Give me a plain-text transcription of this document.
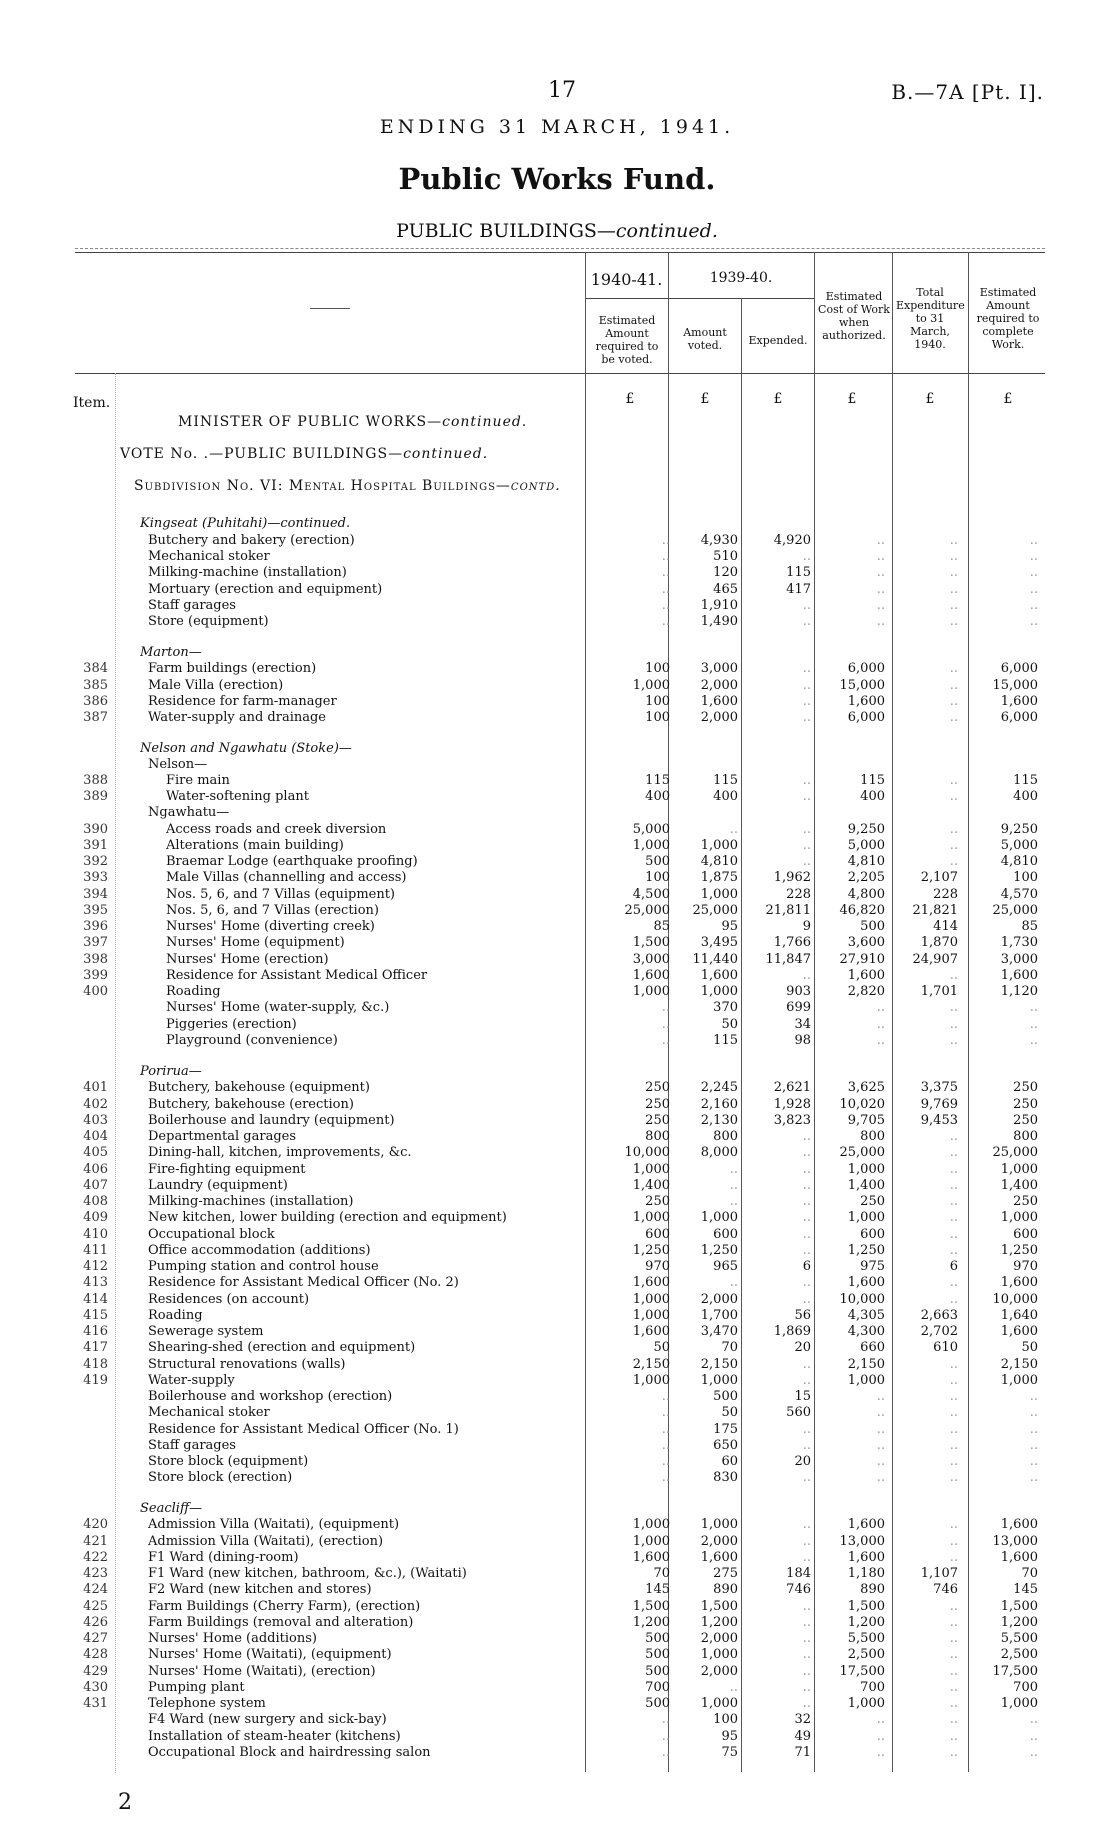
17	B.—7A [Pt. I].
ENDING 31 MARCH, 1941.
Public Works Fund.
PUBLIC BUILDINGS—continued.
1940-41.	1939-40.
Estimated Amount required to be voted.
Amount voted.	Expended.
Estimated Cost of Work when authorized.
Total Expenditure to 31 March, 1940.
Estimated Amount required to complete Work.
Item.	£	£	£	£	£	£
MINISTER OF PUBLIC WORKS—continued.
VOTE No. .—PUBLIC BUILDINGS—continued.
Subdivision No. VI: Mental Hospital Buildings—contd.
Kingseat (Puhitahi)—continued.
Butchery and bakery (erection)	..	4,930	4,920	..	..	..
Mechanical stoker	..	510	..	..	..	..
Milking-machine (installation)	..	120	115	..	..	..
Mortuary (erection and equipment)	..	465	417	..	..	..
Staff garages	..	1,910	..	..	..	..
Store (equipment)	..	1,490	..	..	..	..
Marton—
384	Farm buildings (erection)	100	3,000	..	6,000	..	6,000
385	Male Villa (erection)	1,000	2,000	..	15,000	..	15,000
386	Residence for farm-manager	100	1,600	..	1,600	..	1,600
387	Water-supply and drainage	100	2,000	..	6,000	..	6,000
Nelson and Ngawhatu (Stoke)—
Nelson—
388	Fire main	115	115	..	115	..	115
389	Water-softening plant	400	400	..	400	..	400
Ngawhatu—
390	Access roads and creek diversion	5,000	..	..	9,250	..	9,250
391	Alterations (main building)	1,000	1,000	..	5,000	..	5,000
392	Braemar Lodge (earthquake proofing)	500	4,810	..	4,810	..	4,810
393	Male Villas (channelling and access)	100	1,875	1,962	2,205	2,107	100
394	Nos. 5, 6, and 7 Villas (equipment)	4,500	1,000	228	4,800	228	4,570
395	Nos. 5, 6, and 7 Villas (erection)	25,000	25,000	21,811	46,820	21,821	25,000
396	Nurses' Home (diverting creek)	85	95	9	500	414	85
397	Nurses' Home (equipment)	1,500	3,495	1,766	3,600	1,870	1,730
398	Nurses' Home (erection)	3,000	11,440	11,847	27,910	24,907	3,000
399	Residence for Assistant Medical Officer	1,600	1,600	..	1,600	..	1,600
400	Roading	1,000	1,000	903	2,820	1,701	1,120
Nurses' Home (water-supply, &c.)	..	370	699	..	..	..
Piggeries (erection)	..	50	34	..	..	..
Playground (convenience)	..	115	98	..	..	..
Porirua—
401	Butchery, bakehouse (equipment)	250	2,245	2,621	3,625	3,375	250
402	Butchery, bakehouse (erection)	250	2,160	1,928	10,020	9,769	250
403	Boilerhouse and laundry (equipment)	250	2,130	3,823	9,705	9,453	250
404	Departmental garages	800	800	..	800	..	800
405	Dining-hall, kitchen, improvements, &c.	10,000	8,000	..	25,000	..	25,000
406	Fire-fighting equipment	1,000	..	..	1,000	..	1,000
407	Laundry (equipment)	1,400	..	..	1,400	..	1,400
408	Milking-machines (installation)	250	..	..	250	..	250
409	New kitchen, lower building (erection and equipment)	1,000	1,000	..	1,000	..	1,000
410	Occupational block	600	600	..	600	..	600
411	Office accommodation (additions)	1,250	1,250	..	1,250	..	1,250
412	Pumping station and control house	970	965	6	975	6	970
413	Residence for Assistant Medical Officer (No. 2)	1,600	..	..	1,600	..	1,600
414	Residences (on account)	1,000	2,000	..	10,000	..	10,000
415	Roading	1,000	1,700	56	4,305	2,663	1,640
416	Sewerage system	1,600	3,470	1,869	4,300	2,702	1,600
417	Shearing-shed (erection and equipment)	50	70	20	660	610	50
418	Structural renovations (walls)	2,150	2,150	..	2,150	..	2,150
419	Water-supply	1,000	1,000	..	1,000	..	1,000
Boilerhouse and workshop (erection)	..	500	15	..	..	..
Mechanical stoker	..	50	560	..	..	..
Residence for Assistant Medical Officer (No. 1)	..	175	..	..	..	..
Staff garages	..	650	..	..	..	..
Store block (equipment)	..	60	20	..	..	..
Store block (erection)	..	830	..	..	..	..
Seacliff—
420	Admission Villa (Waitati), (equipment)	1,000	1,000	..	1,600	..	1,600
421	Admission Villa (Waitati), (erection)	1,000	2,000	..	13,000	..	13,000
422	F1 Ward (dining-room)	1,600	1,600	..	1,600	..	1,600
423	F1 Ward (new kitchen, bathroom, &c.), (Waitati)	70	275	184	1,180	1,107	70
424	F2 Ward (new kitchen and stores)	145	890	746	890	746	145
425	Farm Buildings (Cherry Farm), (erection)	1,500	1,500	..	1,500	..	1,500
426	Farm Buildings (removal and alteration)	1,200	1,200	..	1,200	..	1,200
427	Nurses' Home (additions)	500	2,000	..	5,500	..	5,500
428	Nurses' Home (Waitati), (equipment)	500	1,000	..	2,500	..	2,500
429	Nurses' Home (Waitati), (erection)	500	2,000	..	17,500	..	17,500
430	Pumping plant	700	..	..	700	..	700
431	Telephone system	500	1,000	..	1,000	..	1,000
F4 Ward (new surgery and sick-bay)	..	100	32	..	..	..
Installation of steam-heater (kitchens)	..	95	49	..	..	..
Occupational Block and hairdressing salon	..	75	71	..	..	..
2
